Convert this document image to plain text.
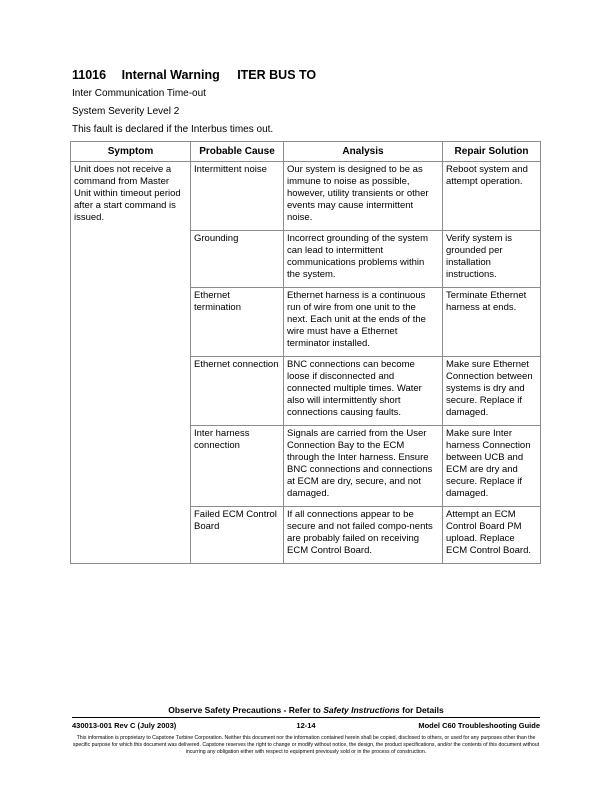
11016 Internal Warning ITER BUS TO
Inter Communication Time-out
System Severity Level 2
This fault is declared if the Interbus times out.
Symptom	Probable Cause	Analysis	Repair Solution
Unit does not receive a command from Master Unit within timeout period after a start command is issued.	Intermittent noise	Our system is designed to be as immune to noise as possible, however, utility transients or other events may cause intermittent noise.	Reboot system and attempt operation.
	Grounding	Incorrect grounding of the system can lead to intermittent communications problems within the system.	Verify system is grounded per installation instructions.
	Ethernet termination	Ethernet harness is a continuous run of wire from one unit to the next. Each unit at the ends of the wire must have a Ethernet terminator installed.	Terminate Ethernet harness at ends.
	Ethernet connection	BNC connections can become loose if disconnected and connected multiple times. Water also will intermittently short connections causing faults.	Make sure Ethernet Connection between systems is dry and secure. Replace if damaged.
	Inter harness connection	Signals are carried from the User Connection Bay to the ECM through the Inter harness. Ensure BNC connections and connections at ECM are dry, secure, and not damaged.	Make sure Inter harness Connection between UCB and ECM are dry and secure. Replace if damaged.
	Failed ECM Control Board	If all connections appear to be secure and not failed compo-nents are probably failed on receiving ECM Control Board.	Attempt an ECM Control Board PM upload. Replace ECM Control Board.
Observe Safety Precautions - Refer to Safety Instructions for Details
430013-001 Rev C (July 2003)	12-14	Model C60 Troubleshooting Guide
This information is proprietary to Capstone Turbine Corporation. Neither this document nor the information contained herein shall be copied, disclosed to others, or used for any purposes other than the specific purpose for which this document was delivered. Capstone reserves the right to change or modify without notice, the design, the product specifications, and/or the contents of this document without incurring any obligation either with respect to equipment previously sold or in the process of construction.
